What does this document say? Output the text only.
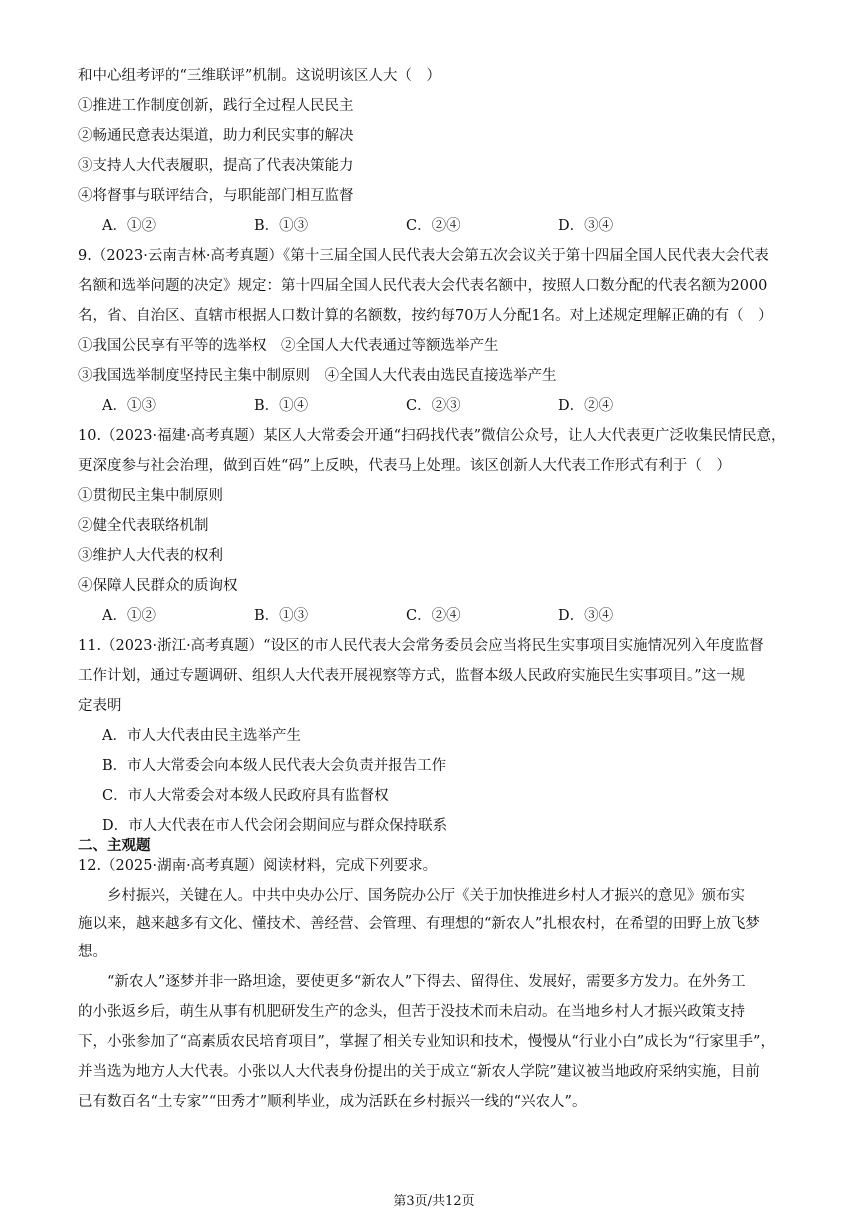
和中心组考评的“三维联评”机制。这说明该区人大（　）
①推进工作制度创新，践行全过程人民民主
②畅通民意表达渠道，助力利民实事的解决
③支持人大代表履职，提高了代表决策能力
④将督事与联评结合，与职能部门相互监督
A．①②	B．①③	C．②④	D．③④
9.（2023·云南吉林·高考真题）《第十三届全国人民代表大会第五次会议关于第十四届全国人民代表大会代表
名额和选举问题的决定》规定：第十四届全国人民代表大会代表名额中，按照人口数分配的代表名额为2000
名，省、自治区、直辖市根据人口数计算的名额数，按约每70万人分配1名。对上述规定理解正确的有（　）
①我国公民享有平等的选举权　②全国人大代表通过等额选举产生
③我国选举制度坚持民主集中制原则　④全国人大代表由选民直接选举产生
A．①③	B．①④	C．②③	D．②④
10.（2023·福建·高考真题）某区人大常委会开通“扫码找代表”微信公众号，让人大代表更广泛收集民情民意，
更深度参与社会治理，做到百姓“码”上反映，代表马上处理。该区创新人大代表工作形式有利于（　）
①贯彻民主集中制原则
②健全代表联络机制
③维护人大代表的权利
④保障人民群众的质询权
A．①②	B．①③	C．②④	D．③④
11.（2023·浙江·高考真题）“设区的市人民代表大会常务委员会应当将民生实事项目实施情况列入年度监督
工作计划，通过专题调研、组织人大代表开展视察等方式，监督本级人民政府实施民生实事项目。”这一规
定表明
A．市人大代表由民主选举产生
B．市人大常委会向本级人民代表大会负责并报告工作
C．市人大常委会对本级人民政府具有监督权
D．市人大代表在市人代会闭会期间应与群众保持联系
二、主观题
12.（2025·湖南·高考真题）阅读材料，完成下列要求。
　　乡村振兴，关键在人。中共中央办公厅、国务院办公厅《关于加快推进乡村人才振兴的意见》颁布实
施以来，越来越多有文化、懂技术、善经营、会管理、有理想的“新农人”扎根农村，在希望的田野上放飞梦
想。
　　“新农人”逐梦并非一路坦途，要使更多“新农人”下得去、留得住、发展好，需要多方发力。在外务工
的小张返乡后，萌生从事有机肥研发生产的念头，但苦于没技术而未启动。在当地乡村人才振兴政策支持
下，小张参加了“高素质农民培育项目”，掌握了相关专业知识和技术，慢慢从“行业小白”成长为“行家里手”，
并当选为地方人大代表。小张以人大代表身份提出的关于成立“新农人学院”建议被当地政府采纳实施，目前
已有数百名“土专家”“田秀才”顺利毕业，成为活跃在乡村振兴一线的“兴农人”。
第3页/共12页
